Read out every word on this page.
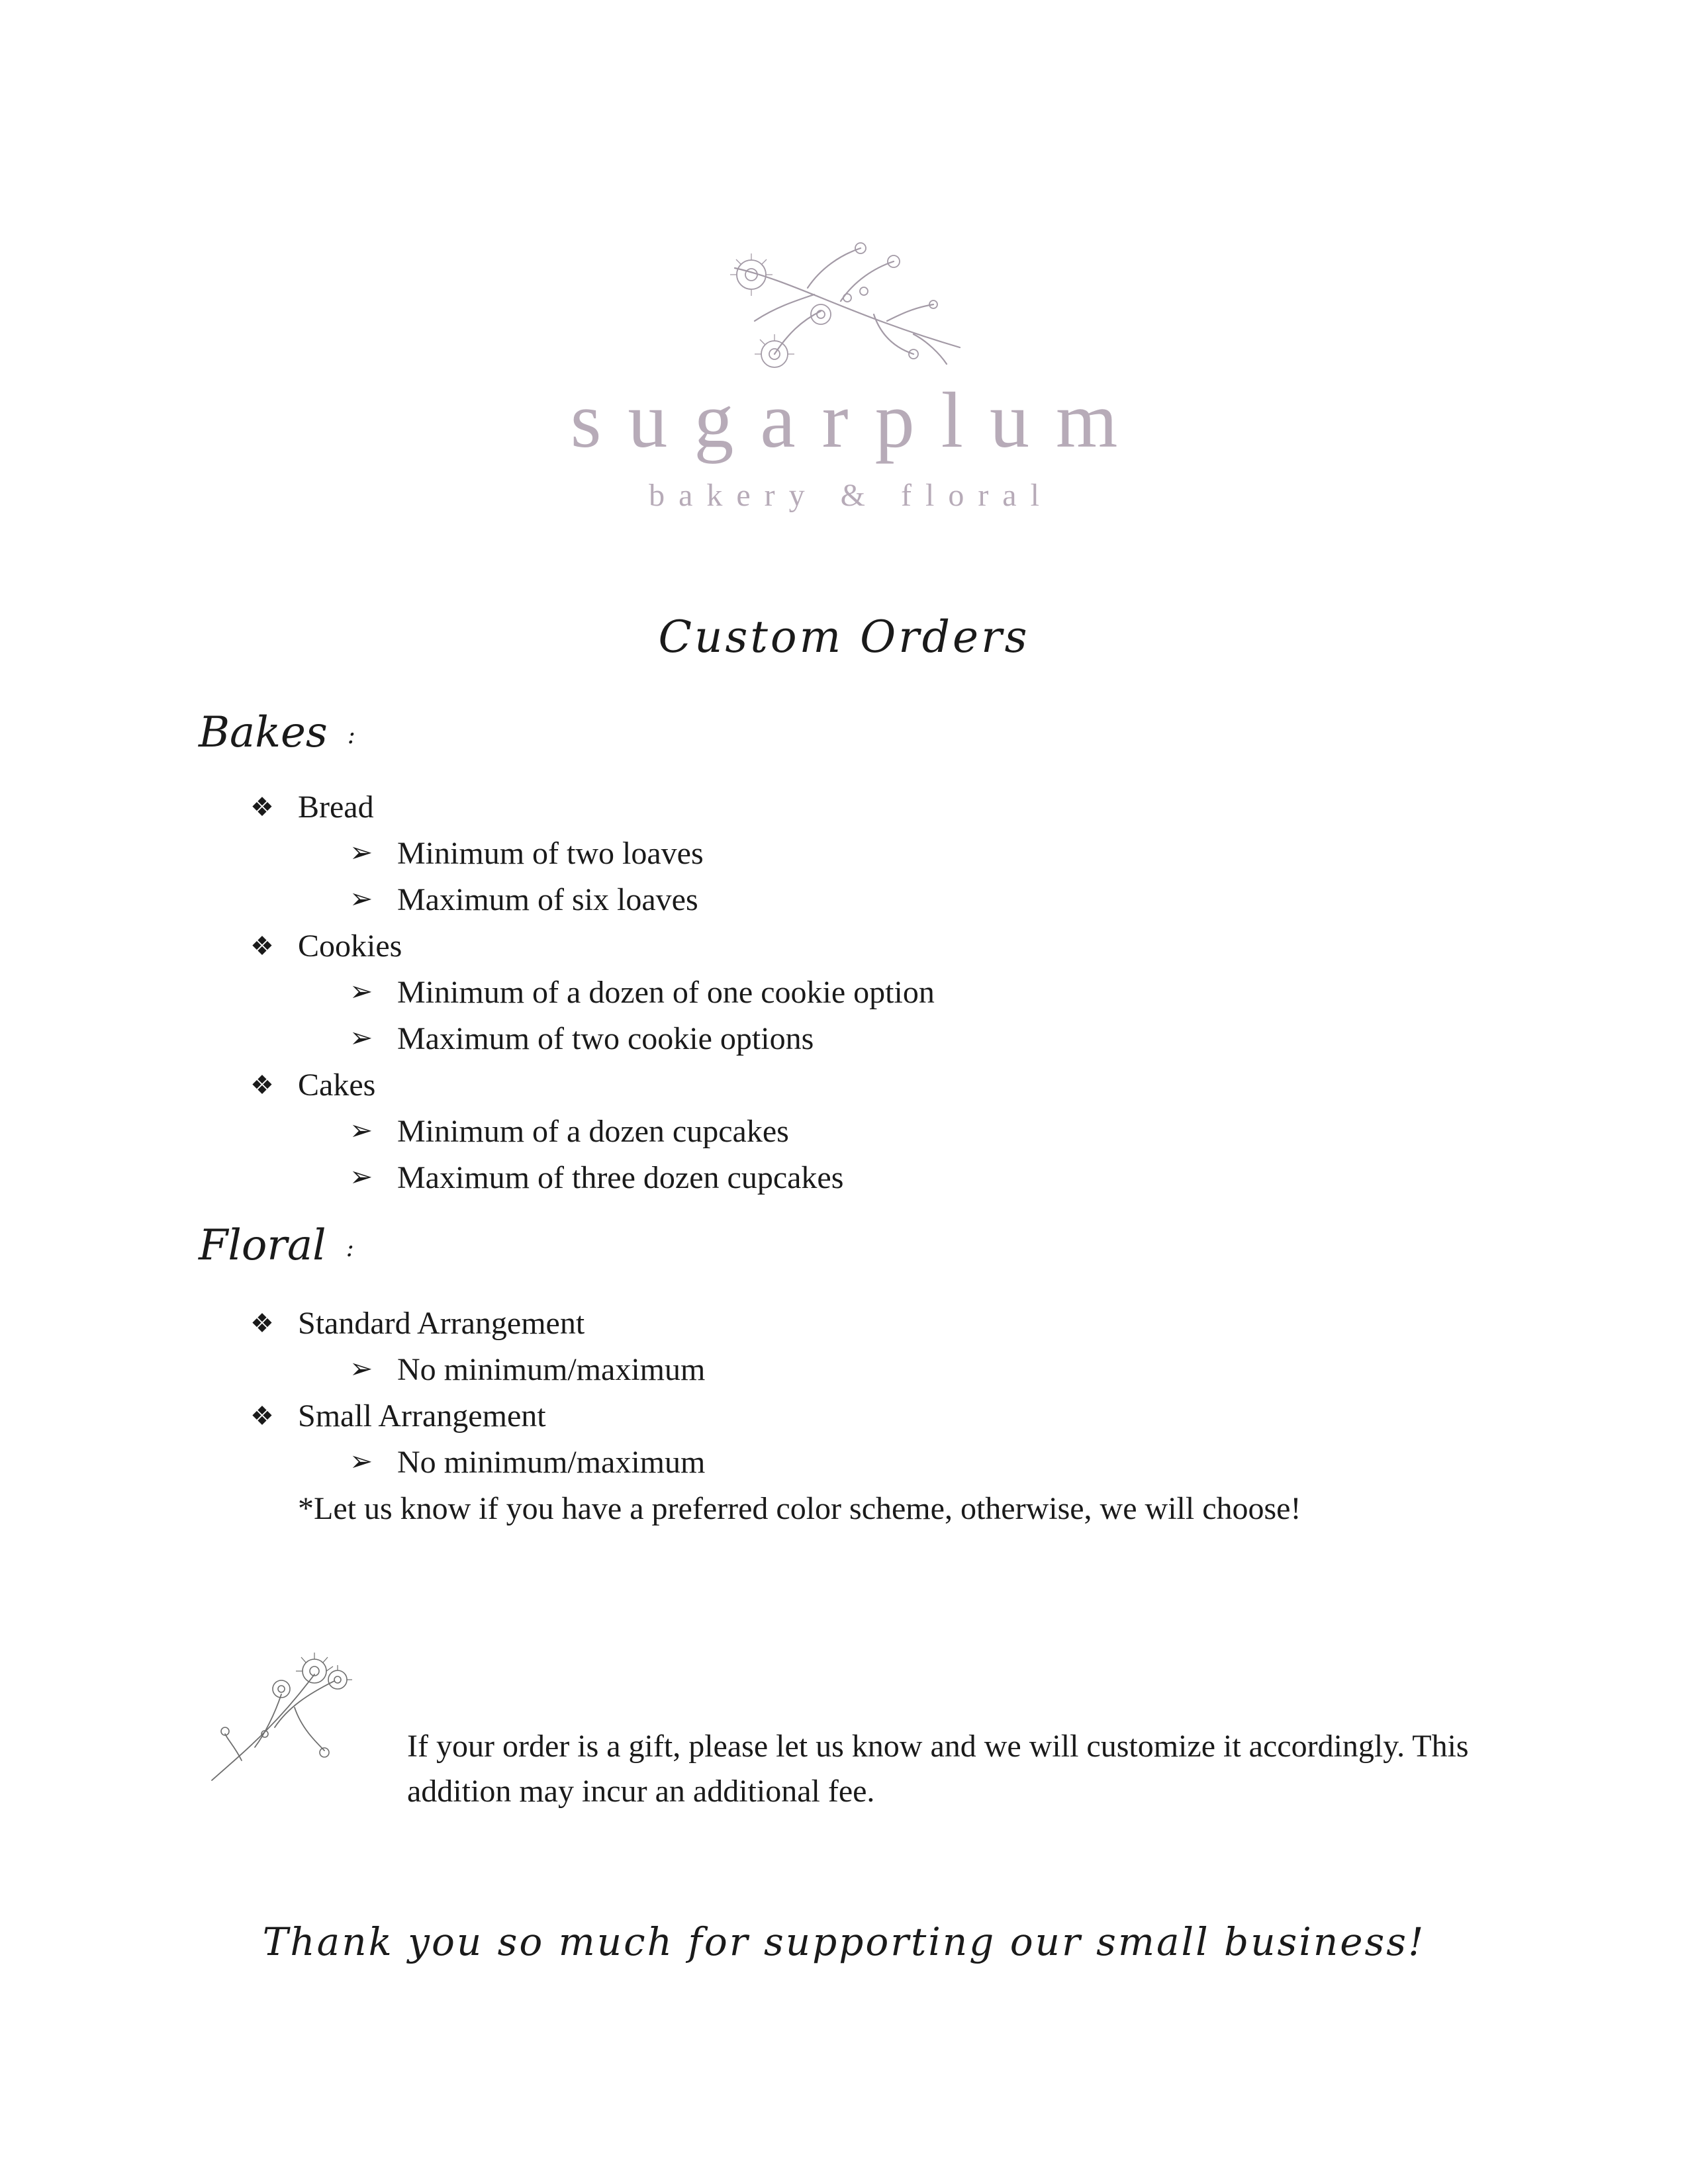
sugarplum
bakery & floral
Custom Orders
Bakes :
❖ Bread
➢ Minimum of two loaves
➢ Maximum of six loaves
❖ Cookies
➢ Minimum of a dozen of one cookie option
➢ Maximum of two cookie options
❖ Cakes
➢ Minimum of a dozen cupcakes
➢ Maximum of three dozen cupcakes
Floral :
❖ Standard Arrangement
➢ No minimum/maximum
❖ Small Arrangement
➢ No minimum/maximum
*Let us know if you have a preferred color scheme, otherwise, we will choose!
If your order is a gift, please let us know and we will customize it accordingly. This addition may incur an additional fee.
Thank you so much for supporting our small business!
